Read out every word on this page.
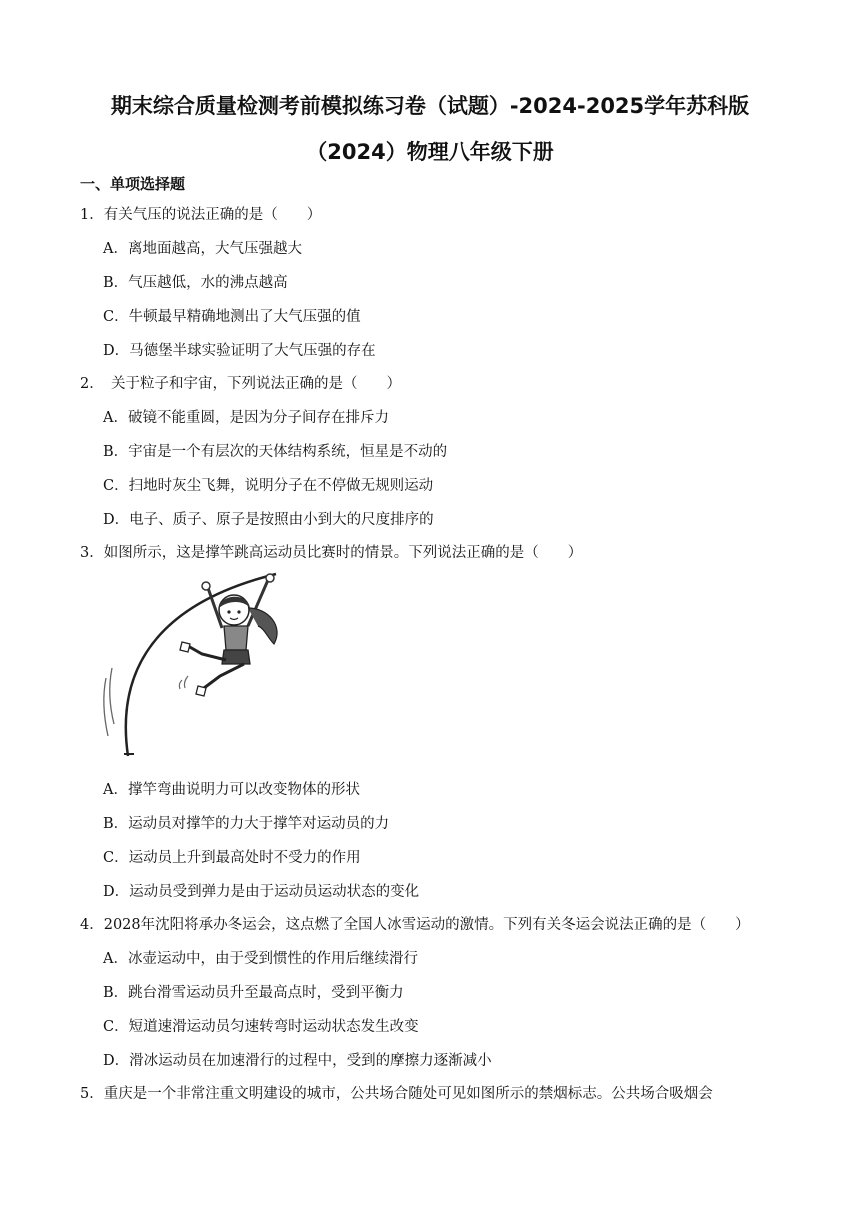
期末综合质量检测考前模拟练习卷（试题）-2024-2025学年苏科版
（2024）物理八年级下册
一、单项选择题
1．有关气压的说法正确的是（　　）
A．离地面越高，大气压强越大
B．气压越低，水的沸点越高
C．牛顿最早精确地测出了大气压强的值
D．马德堡半球实验证明了大气压强的存在
2．　关于粒子和宇宙，下列说法正确的是（　　）
A．破镜不能重圆，是因为分子间存在排斥力
B．宇宙是一个有层次的天体结构系统，恒星是不动的
C．扫地时灰尘飞舞，说明分子在不停做无规则运动
D．电子、质子、原子是按照由小到大的尺度排序的
3．如图所示，这是撑竿跳高运动员比赛时的情景。下列说法正确的是（　　）
A．撑竿弯曲说明力可以改变物体的形状
B．运动员对撑竿的力大于撑竿对运动员的力
C．运动员上升到最高处时不受力的作用
D．运动员受到弹力是由于运动员运动状态的变化
4．2028年沈阳将承办冬运会，这点燃了全国人冰雪运动的激情。下列有关冬运会说法正确的是（　　）
A．冰壶运动中，由于受到惯性的作用后继续滑行
B．跳台滑雪运动员升至最高点时，受到平衡力
C．短道速滑运动员匀速转弯时运动状态发生改变
D．滑冰运动员在加速滑行的过程中，受到的摩擦力逐渐减小
5．重庆是一个非常注重文明建设的城市，公共场合随处可见如图所示的禁烟标志。公共场合吸烟会
